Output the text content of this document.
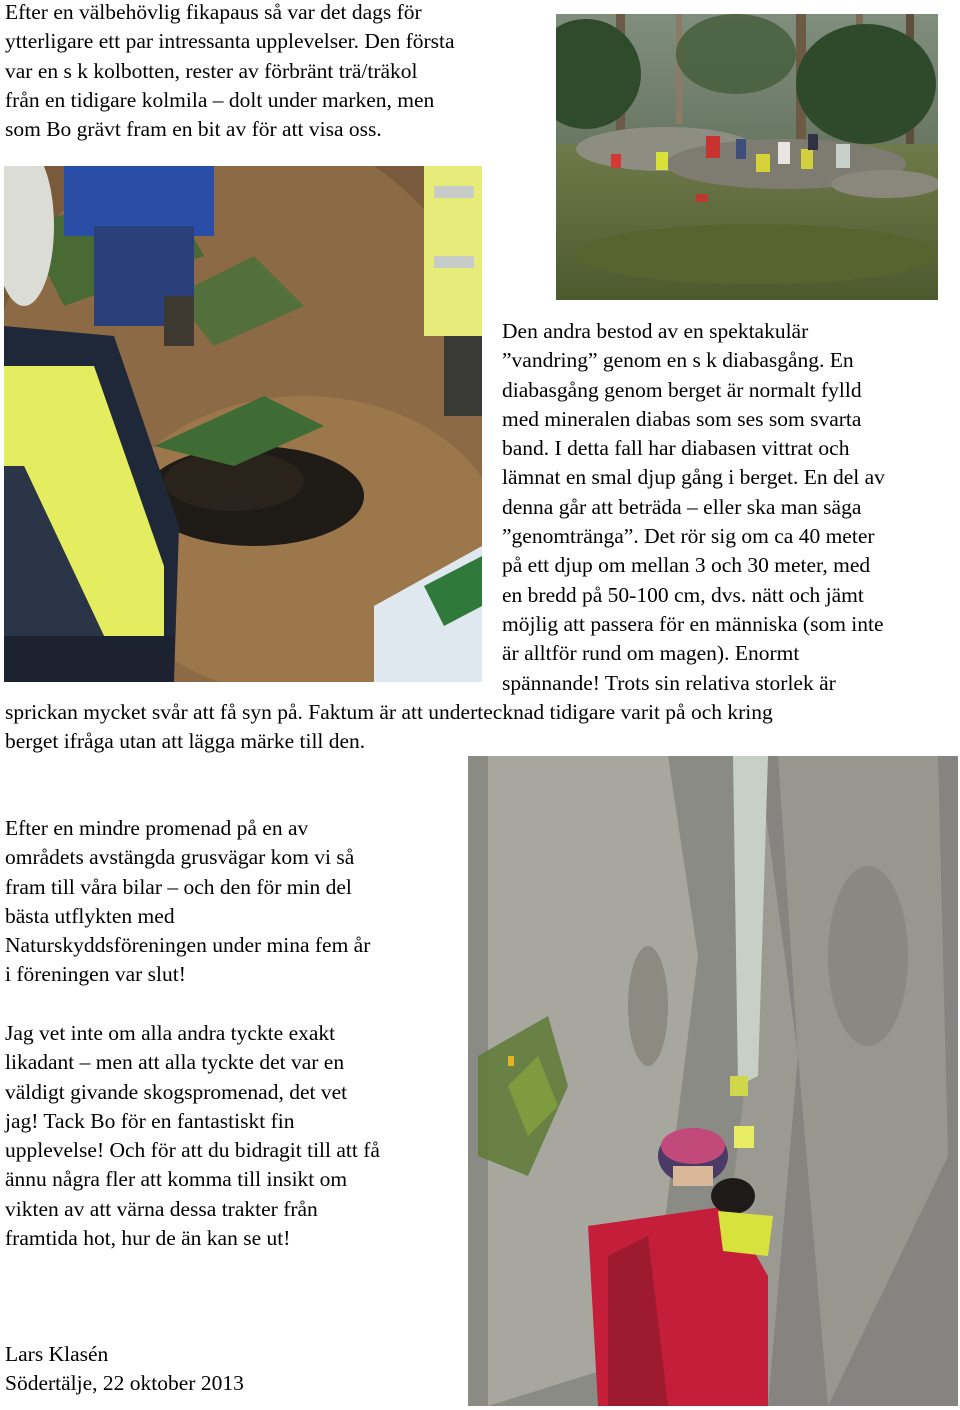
Efter en välbehövlig fikapaus så var det dags för
ytterligare ett par intressanta upplevelser. Den första
var en s k kolbotten, rester av förbränt trä/träkol
från en tidigare kolmila – dolt under marken, men
som Bo grävt fram en bit av för att visa oss.
Den andra bestod av en spektakulär
”vandring” genom en s k diabasgång. En
diabasgång genom berget är normalt fylld
med mineralen diabas som ses som svarta
band. I detta fall har diabasen vittrat och
lämnat en smal djup gång i berget. En del av
denna går att beträda – eller ska man säga
”genomtränga”. Det rör sig om ca 40 meter
på ett djup om mellan 3 och 30 meter, med
en bredd på 50-100 cm, dvs. nätt och jämt
möjlig att passera för en människa (som inte
är alltför rund om magen). Enormt
spännande! Trots sin relativa storlek är
sprickan mycket svår att få syn på. Faktum är att undertecknad tidigare varit på och kring
berget ifråga utan att lägga märke till den.
Efter en mindre promenad på en av
områdets avstängda grusvägar kom vi så
fram till våra bilar – och den för min del
bästa utflykten med
Naturskyddsföreningen under mina fem år
i föreningen var slut!
Jag vet inte om alla andra tyckte exakt
likadant – men att alla tyckte det var en
väldigt givande skogspromenad, det vet
jag! Tack Bo för en fantastiskt fin
upplevelse! Och för att du bidragit till att få
ännu några fler att komma till insikt om
vikten av att värna dessa trakter från
framtida hot, hur de än kan se ut!
Lars Klasén
Södertälje, 22 oktober 2013
